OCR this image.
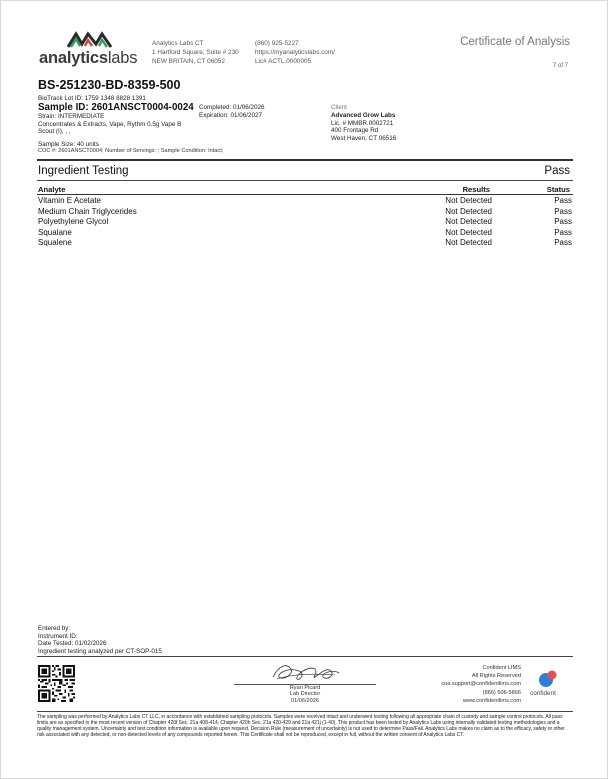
analyticslabs
Analytics Labs CT
1 Hartford Square, Suite # 230
NEW BRITAIN, CT 06052
(860) 925-5227
https://myanalyticslabs.com/
Lic# ACTL.0000005
Certificate of Analysis
7 of 7
BS-251230-BD-8359-500
BioTrack Lot ID: 1759 1348 8828 1391
Sample ID: 2601ANSCT0004-0024 Completed: 01/06/2026
Expiration: 01/06/2027
Strain: INTERMEDIATE
Concentrates & Extracts, Vape, Rythm 0.5g Vape B
Scout (I), , ,
Client
Advanced Grow Labs
Lic. # MMBR.0002721
400 Frontage Rd
West Haven, CT 06516
Sample Size: 40 units
COC #: 2601ANSCT0004; Number of Servings: ; Sample Condition: Intact;
Ingredient Testing	Pass
Analyte	Results	Status
Vitamin E Acetate	Not Detected	Pass
Medium Chain Triglycerides	Not Detected	Pass
Polyethylene Glycol	Not Detected	Pass
Squalane	Not Detected	Pass
Squalene	Not Detected	Pass
Entered by:
Instrument ID:
Date Tested: 01/02/2026
Ingredient testing analyzed per CT-SOP-015
Ryan Picard
Lab Director
01/06/2026
Confident LIMS
All Rights Reserved
coa.support@confidentlims.com
(866) 506-5866
www.confidentlims.com
confident
The sampling was performed by Analytics Labs CT LLC, in accordance with established sampling protocols. Samples were received intact and underwent testing following all appropriate chain of custody and sample control protocols. All pass limits are as specified in the most recent version of Chapter 420f Sec. 21a 408-414, Chapter 420h Sec. 21a 420-429 and 21a 421j (1-40). This product has been tested by Analytics Labs using internally validated testing methodologies and a quality management system. Uncertainty and test condition information is available upon request. Decision Rule (measurement of uncertainty) is not used to determine Pass/Fail. Analytics Labs makes no claim as to the efficacy, safety or other risk associated with any detected, or non-detected levels of any compounds reported herein. This Certificate shall not be reproduced, except in full, without the written consent of Analytics Labs CT.
